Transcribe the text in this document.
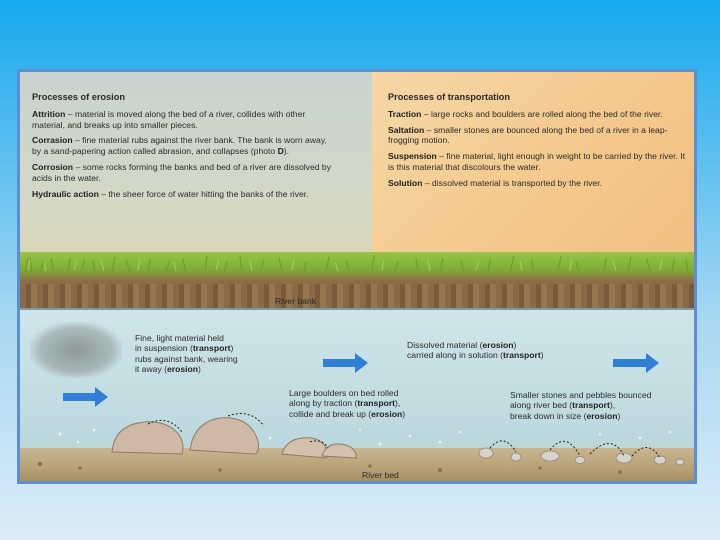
Processes of erosion

Attrition – material is moved along the bed of a river, collides with other material, and breaks up into smaller pieces.

Corrasion – fine material rubs against the river bank. The bank is worn away, by a sand-papering action called abrasion, and collapses (photo D).

Corrosion – some rocks forming the banks and bed of a river are dissolved by acids in the water.

Hydraulic action – the sheer force of water hitting the banks of the river.

Processes of transportation

Traction – large rocks and boulders are rolled along the bed of the river.

Saltation – smaller stones are bounced along the bed of a river in a leap-frogging motion.

Suspension – fine material, light enough in weight to be carried by the river. It is this material that discolours the water.

Solution – dissolved material is transported by the river.

River bank
River bed
Fine, light material held
in suspension (transport)
rubs against bank, wearing
it away (erosion)
Dissolved material (erosion)
carried along in solution (transport)
Large boulders on bed rolled
along by traction (transport),
collide and break up (erosion)
Smaller stones and pebbles bounced
along river bed (transport),
break down in size (erosion)
